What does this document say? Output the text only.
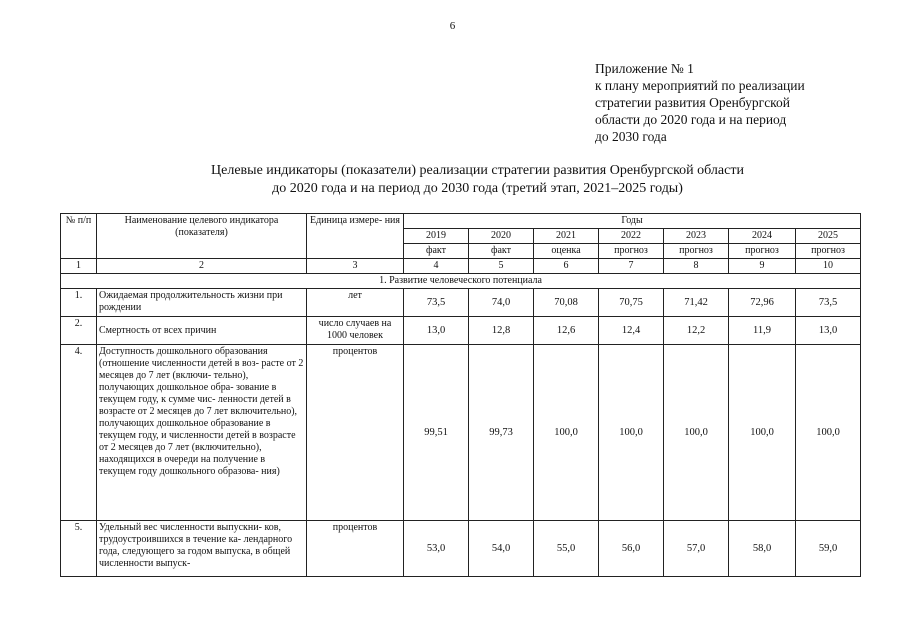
6
Приложение № 1
к плану мероприятий по реализации
стратегии развития Оренбургской
области до 2020 года и на период
до 2030 года
Целевые индикаторы (показатели) реализации стратегии развития Оренбургской области
до 2020 года и на период до 2030 года (третий этап, 2021–2025 годы)
№ п/п	Наименование целевого индикатора (показателя)	Единица измере- ния	Годы						
			2019	2020	2021	2022	2023	2024	2025
			факт	факт	оценка	прогноз	прогноз	прогноз	прогноз
1	2	3	4	5	6	7	8	9	10
1. Развитие человеческого потенциала									
1.	Ожидаемая продолжительность жизни при рождении	лет	73,5	74,0	70,08	70,75	71,42	72,96	73,5
2.	Смертность от всех причин	число случаев на 1000 человек	13,0	12,8	12,6	12,4	12,2	11,9	13,0
4.	Доступность дошкольного образования (отношение численности детей в воз- расте от 2 месяцев до 7 лет (включи- тельно), получающих дошкольное обра- зование в текущем году, к сумме чис- ленности детей в возрасте от 2 месяцев до 7 лет включительно), получающих дошкольное образование в текущем году, и численности детей в возрасте от 2 месяцев до 7 лет (включительно), находящихся в очереди на получение в текущем году дошкольного образова- ния)	процентов	99,51	99,73	100,0	100,0	100,0	100,0	100,0
5.	Удельный вес численности выпускни- ков, трудоустроившихся в течение ка- лендарного года, следующего за годом выпуска, в общей численности выпуск-	процентов	53,0	54,0	55,0	56,0	57,0	58,0	59,0
